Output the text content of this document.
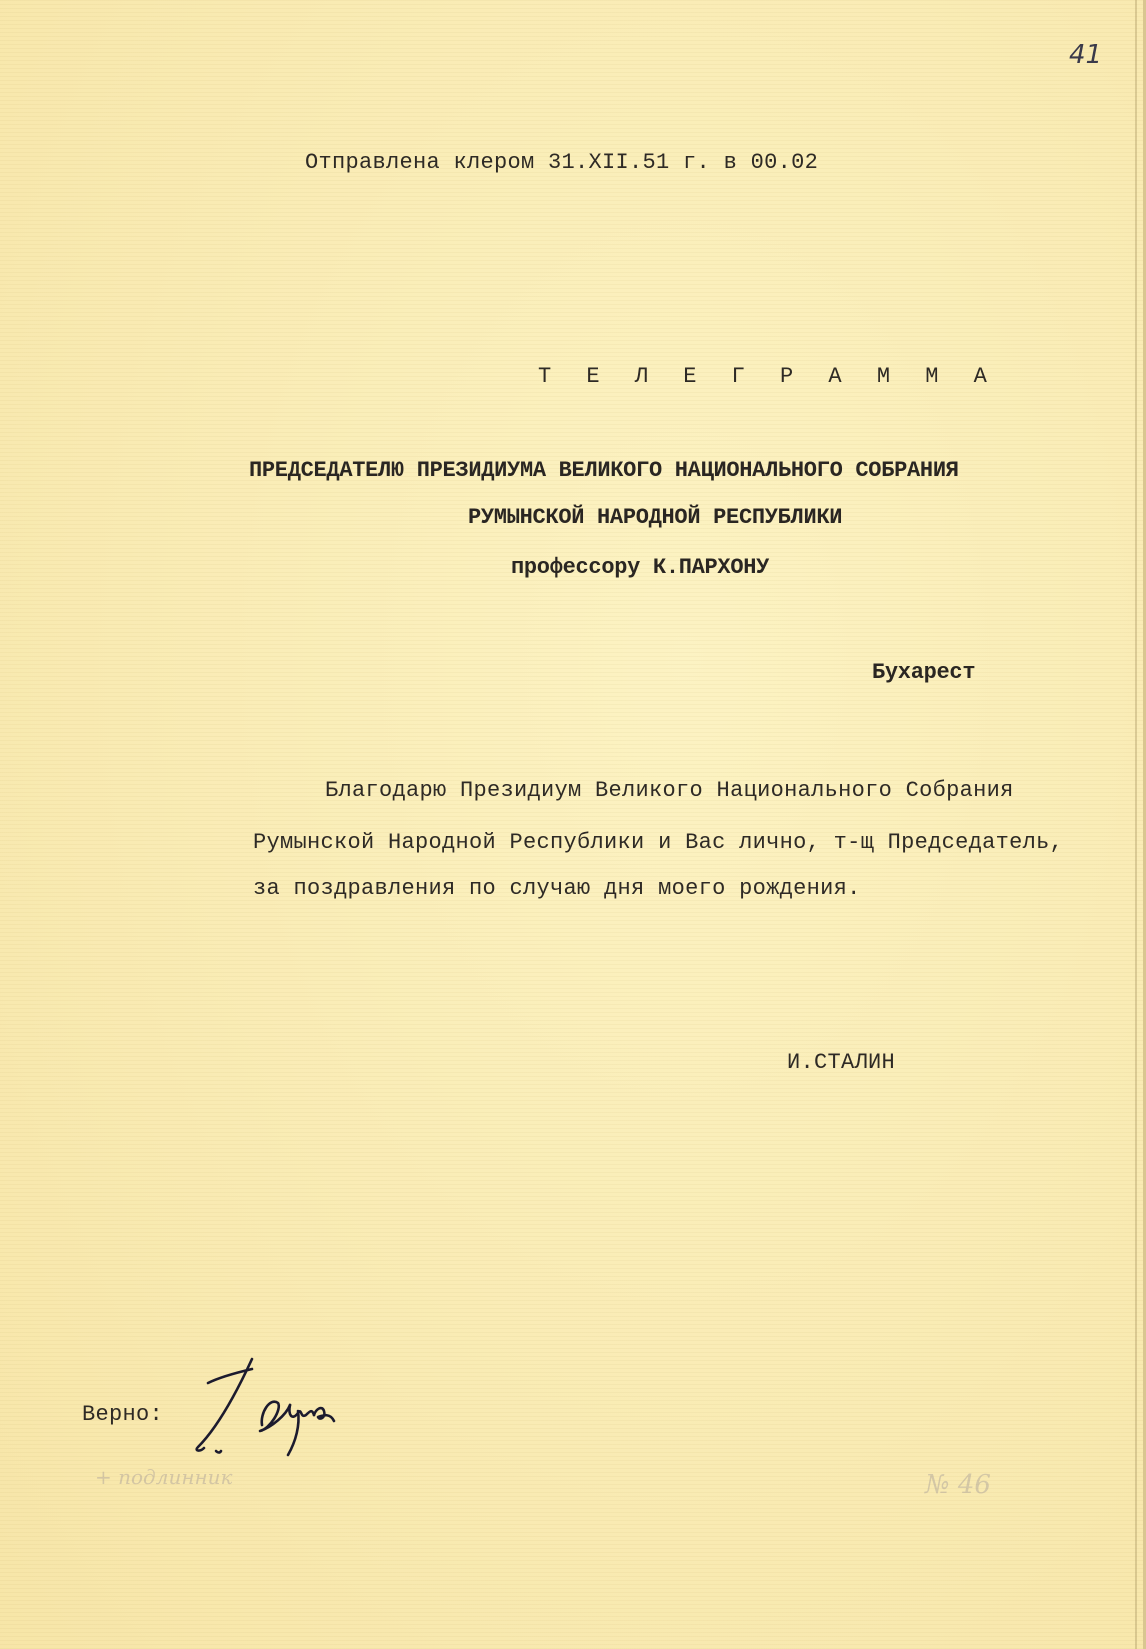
41
Отправлена клером 31.XII.51 г. в 00.02
Т Е Л Е Г Р А М М А
ПРЕДСЕДАТЕЛЮ ПРЕЗИДИУМА ВЕЛИКОГО НАЦИОНАЛЬНОГО СОБРАНИЯ
РУМЫНСКОЙ НАРОДНОЙ РЕСПУБЛИКИ
профессору К.ПАРХОНУ
Бухарест
Благодарю Президиум Великого Национального Собрания
Румынской Народной Республики и Вас лично, т-щ Председатель,
за поздравления по случаю дня моего рождения.
И.СТАЛИН
Верно:
+ подлинник	№ 46
